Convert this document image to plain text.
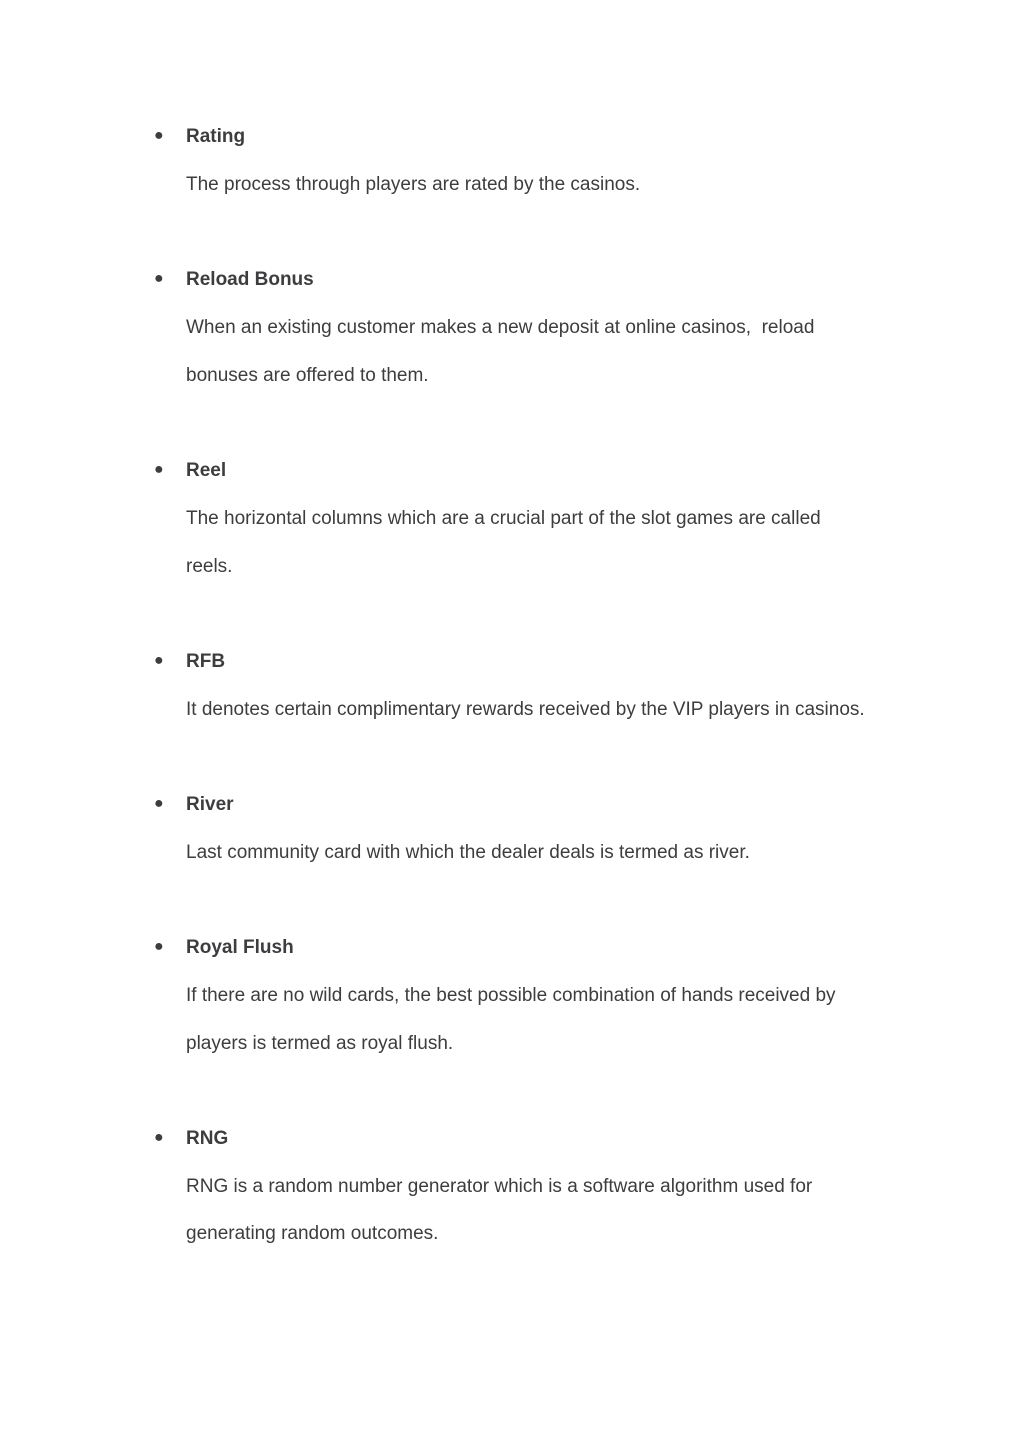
● Rating
The process through players are rated by the casinos.
● Reload Bonus
When an existing customer makes a new deposit at online casinos,  reload
bonuses are offered to them.
● Reel
The horizontal columns which are a crucial part of the slot games are called
reels.
● RFB
It denotes certain complimentary rewards received by the VIP players in casinos.
● River
Last community card with which the dealer deals is termed as river.
● Royal Flush
If there are no wild cards, the best possible combination of hands received by
players is termed as royal flush.
● RNG
RNG is a random number generator which is a software algorithm used for
generating random outcomes.
